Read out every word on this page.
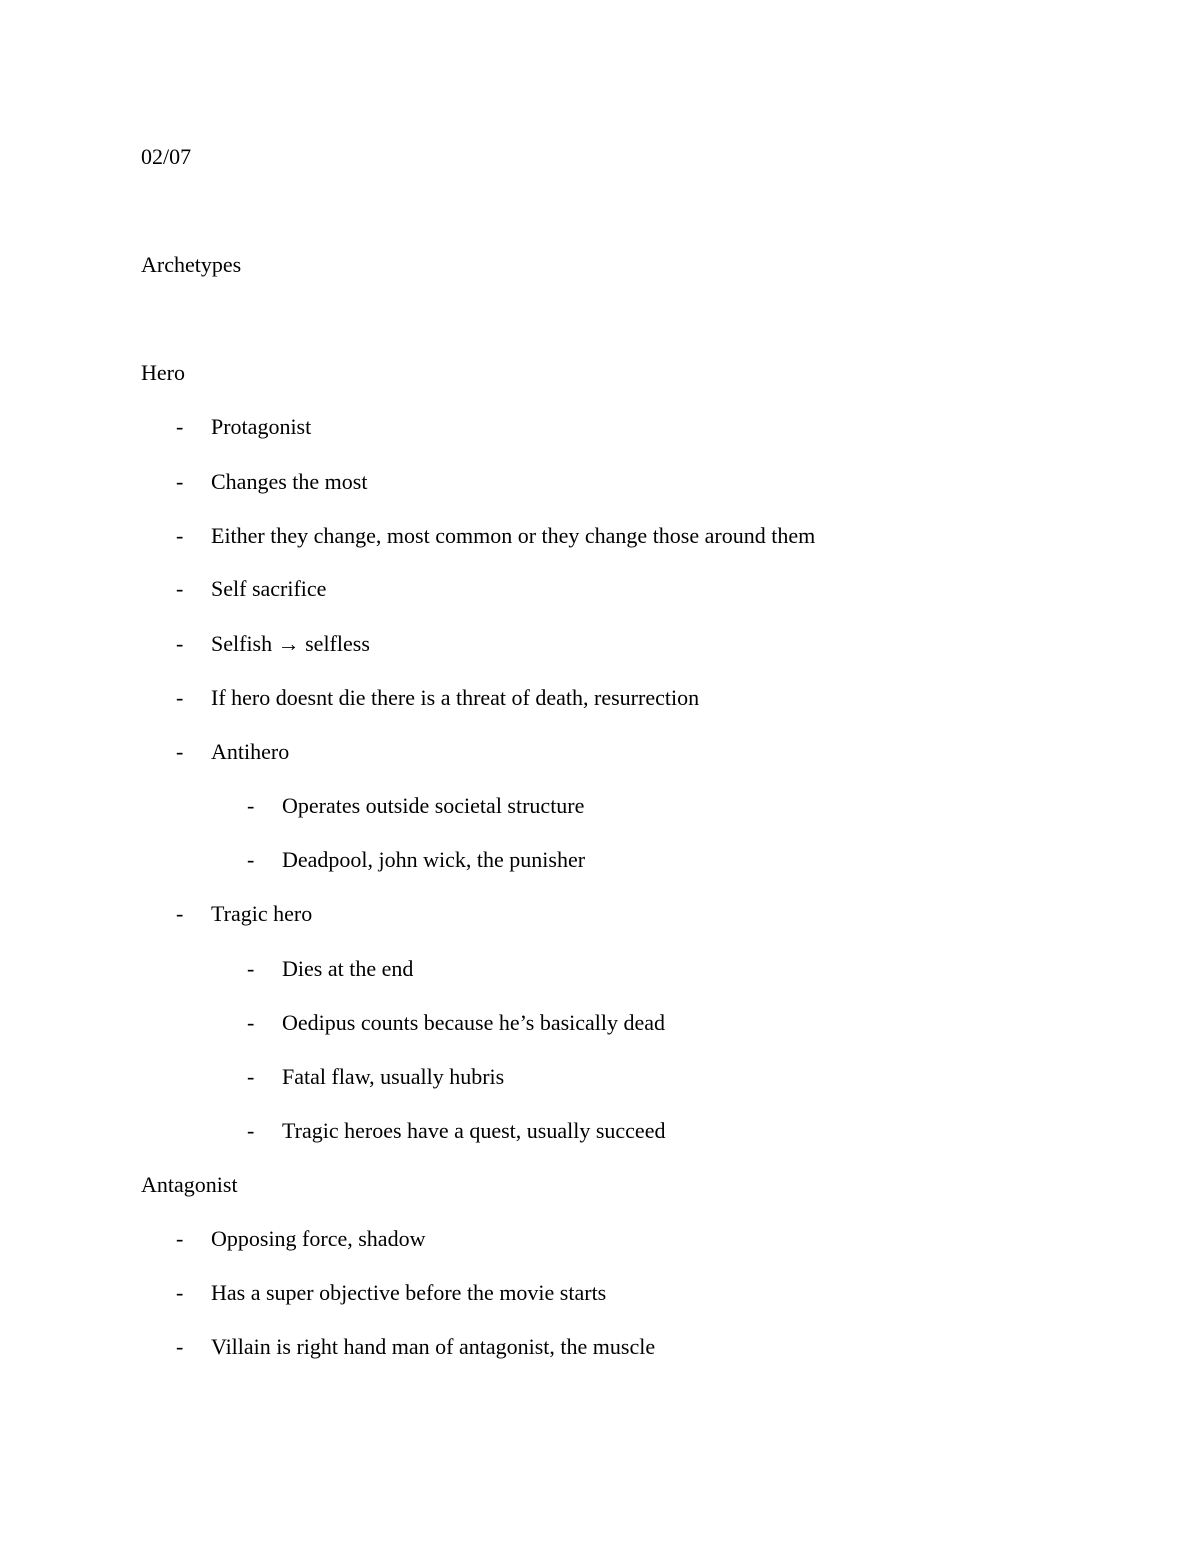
02/07
Archetypes
Hero
- Protagonist
- Changes the most
- Either they change, most common or they change those around them
- Self sacrifice
- Selfish → selfless
- If hero doesnt die there is a threat of death, resurrection
- Antihero
- Operates outside societal structure
- Deadpool, john wick, the punisher
- Tragic hero
- Dies at the end
- Oedipus counts because he’s basically dead
- Fatal flaw, usually hubris
- Tragic heroes have a quest, usually succeed
Antagonist
- Opposing force, shadow
- Has a super objective before the movie starts
- Villain is right hand man of antagonist, the muscle
